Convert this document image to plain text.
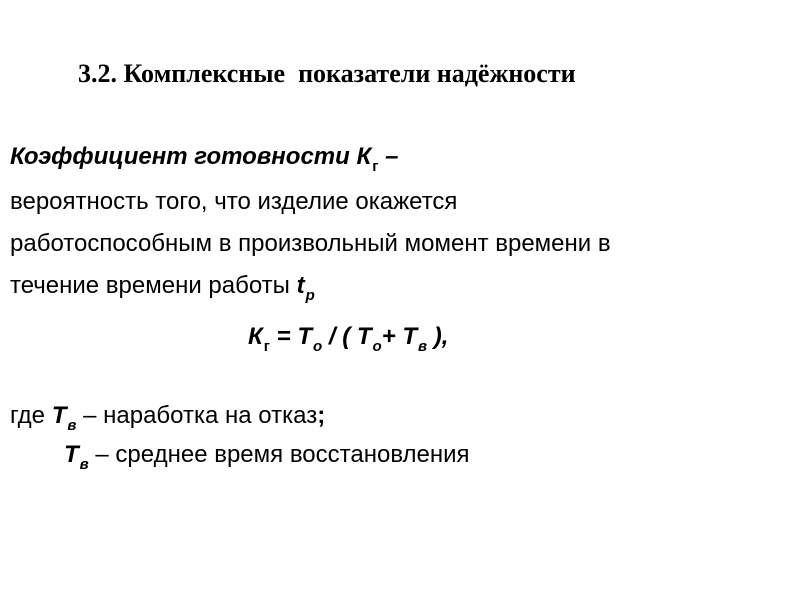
3.2. Комплексные  показатели надёжности
Коэффициент готовности $К_г$ –
вероятность того, что изделие окажется
работоспособным в произвольный момент времени в
течение времени работы $t_р$
$К_г = T_о$ / ( $T_о+ T_в$ ),
где $T_в$ – наработка на отказ;
$T_в$ – среднее время восстановления
